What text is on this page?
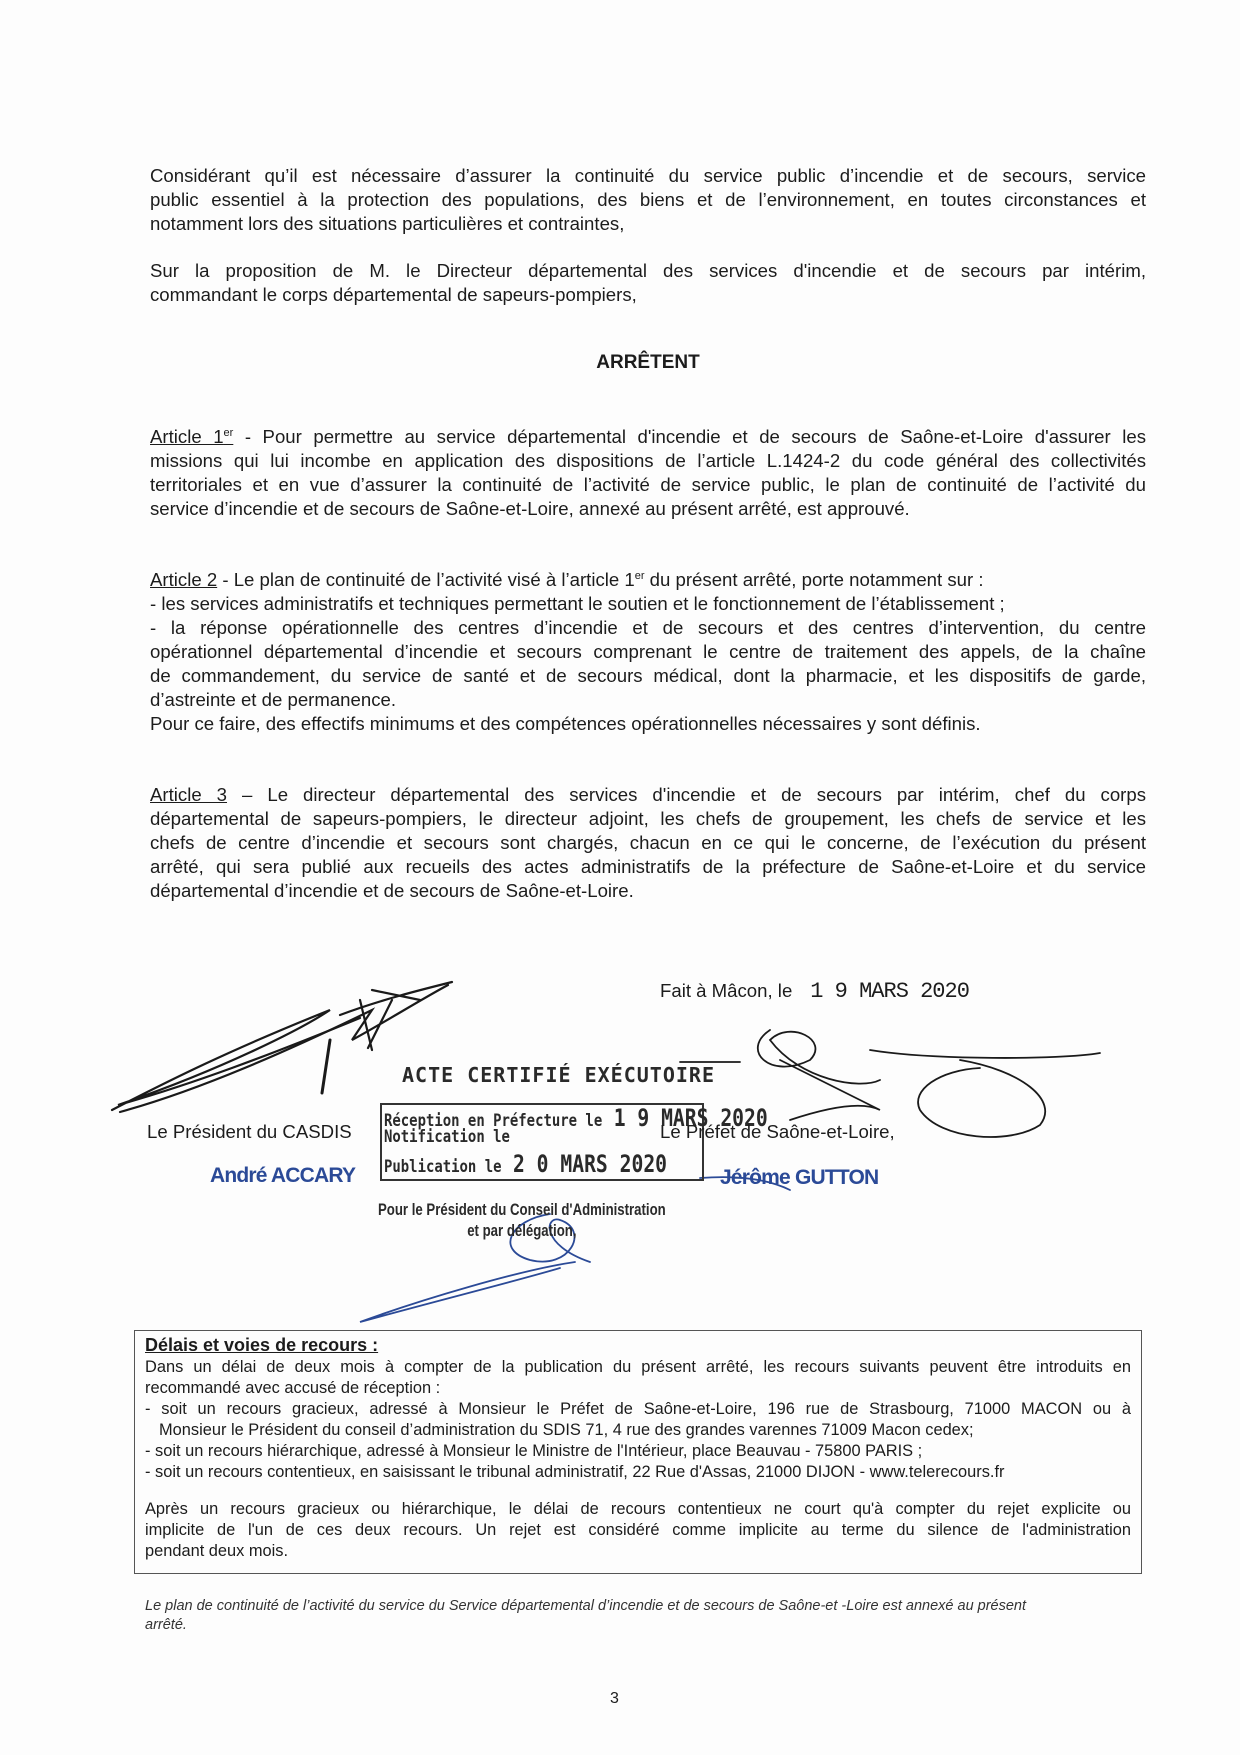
Considérant qu’il est nécessaire d’assurer la continuité du service public d’incendie et de secours, service
public essentiel à la protection des populations, des biens et de l’environnement, en toutes circonstances et
notamment lors des situations particulières et contraintes,
Sur la proposition de M. le Directeur départemental des services d'incendie et de secours par intérim,
commandant le corps départemental de sapeurs-pompiers,
ARRÊTENT
Article 1er - Pour permettre au service départemental d'incendie et de secours de Saône-et-Loire d'assurer les
missions qui lui incombe en application des dispositions de l’article L.1424-2 du code général des collectivités
territoriales et en vue d’assurer la continuité de l’activité de service public, le plan de continuité de l’activité du
service d’incendie et de secours de Saône-et-Loire, annexé au présent arrêté, est approuvé.
Article 2 - Le plan de continuité de l’activité visé à l’article 1er du présent arrêté, porte notamment sur :
- les services administratifs et techniques permettant le soutien et le fonctionnement de l’établissement ;
- la réponse opérationnelle des centres d’incendie et de secours et des centres d’intervention, du centre
opérationnel départemental d’incendie et secours comprenant le centre de traitement des appels, de la chaîne
de commandement, du service de santé et de secours médical, dont la pharmacie, et les dispositifs de garde,
d’astreinte et de permanence.
Pour ce faire, des effectifs minimums et des compétences opérationnelles nécessaires y sont définis.
Article 3 – Le directeur départemental des services d'incendie et de secours par intérim, chef du corps
départemental de sapeurs-pompiers, le directeur adjoint, les chefs de groupement, les chefs de service et les
chefs de centre d’incendie et secours sont chargés, chacun en ce qui le concerne, de l’exécution du présent
arrêté, qui sera publié aux recueils des actes administratifs de la préfecture de Saône-et-Loire et du service
départemental d’incendie et de secours de Saône-et-Loire.
Fait à Mâcon, le 1 9 MARS 2020
ACTE CERTIFIÉ EXÉCUTOIRE
Réception en Préfecture le 1 9 MARS 2020
Notification le
Publication le 2 0 MARS 2020
Pour le Président du Conseil d'Administration
et par délégation,
Le Président du CASDIS
André ACCARY
Le Préfet de Saône-et-Loire,
Jérôme GUTTON
Délais et voies de recours :
Dans un délai de deux mois à compter de la publication du présent arrêté, les recours suivants peuvent être introduits en
recommandé avec accusé de réception :
- soit un recours gracieux, adressé à Monsieur le Préfet de Saône-et-Loire, 196 rue de Strasbourg, 71000 MACON ou à
Monsieur le Président du conseil d’administration du SDIS 71, 4 rue des grandes varennes 71009 Macon cedex;
- soit un recours hiérarchique, adressé à Monsieur le Ministre de l'Intérieur, place Beauvau - 75800 PARIS ;
- soit un recours contentieux, en saisissant le tribunal administratif, 22 Rue d'Assas, 21000 DIJON - www.telerecours.fr
Après un recours gracieux ou hiérarchique, le délai de recours contentieux ne court qu'à compter du rejet explicite ou
implicite de l'un de ces deux recours. Un rejet est considéré comme implicite au terme du silence de l'administration
pendant deux mois.
Le plan de continuité de l’activité du service du Service départemental d’incendie et de secours de Saône-et -Loire est annexé au présent
arrêté.
3
